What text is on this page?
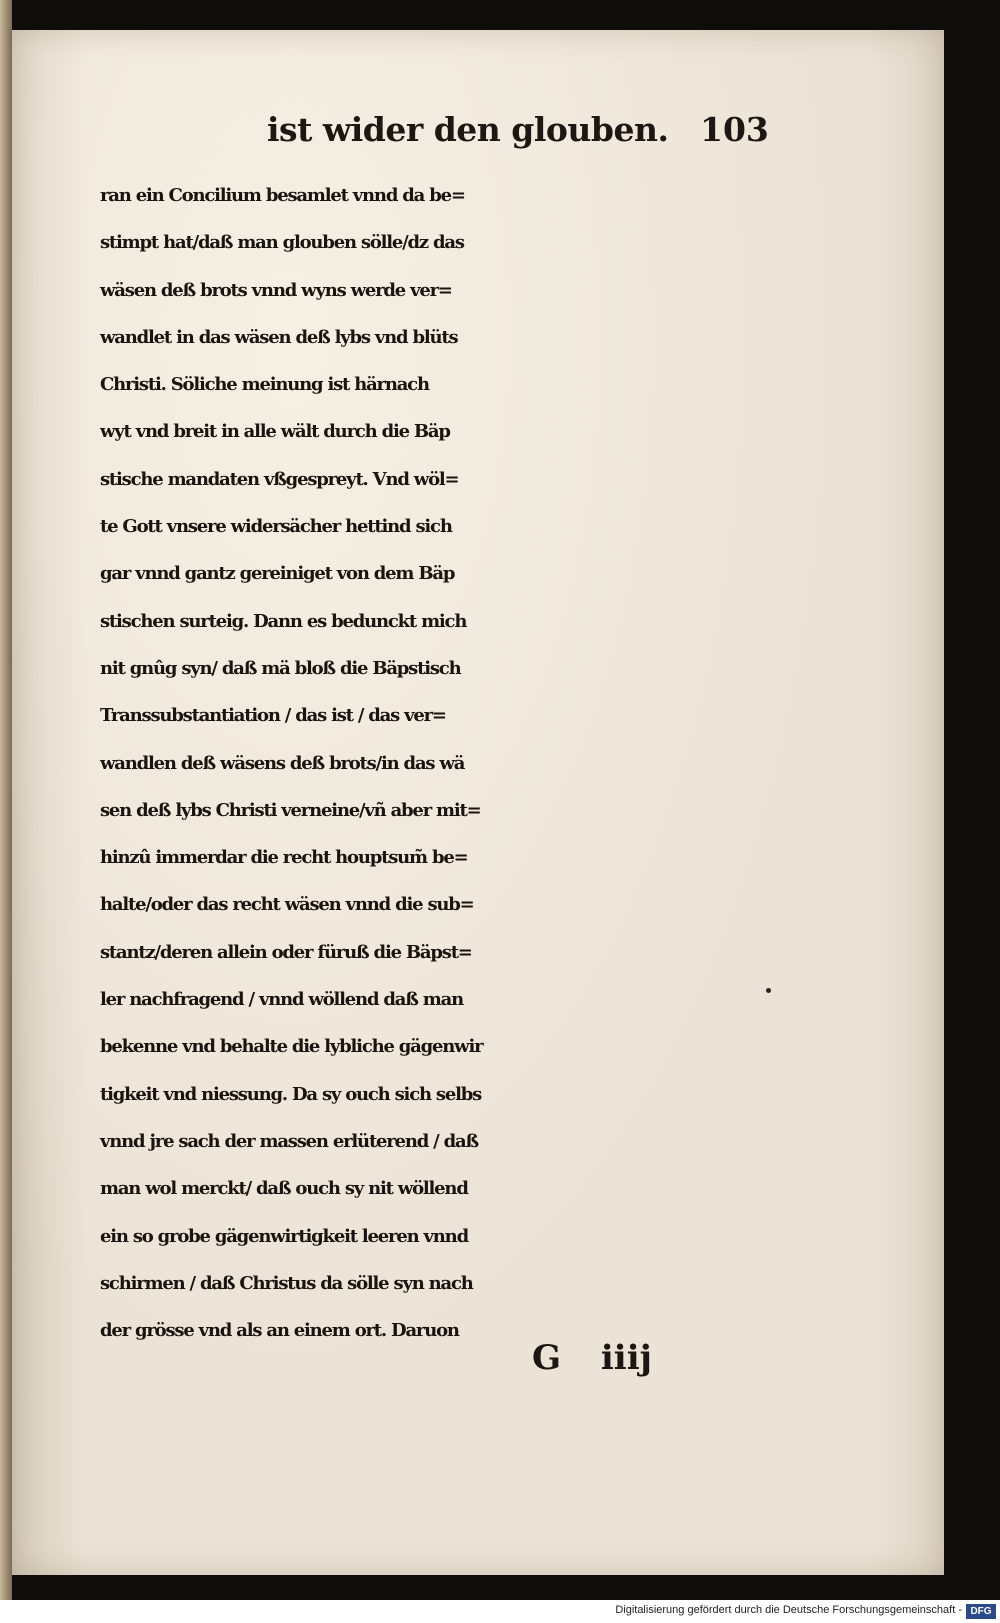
ist wider den glouben. 103
ran ein Concilium besamlet vnnd da be=
stimpt hat/daß man glouben sölle/dz das
wäsen deß brots vnnd wyns werde ver=
wandlet in das wäsen deß lybs vnd blüts
Christi. Söliche meinung ist härnach
wyt vnd breit in alle wält durch die Bäp
stische mandaten vßgespreyt. Vnd wöl=
te Gott vnsere widersächer hettind sich
gar vnnd gantz gereiniget von dem Bäp
stischen surteig. Dann es bedunckt mich
nit gnûg syn/ daß mä bloß die Bäpstisch
Transsubstantiation / das ist / das ver=
wandlen deß wäsens deß brots/in das wä
sen deß lybs Christi verneine/vñ aber mit=
hinzû immerdar die recht houptsum̃ be=
halte/oder das recht wäsen vnnd die sub=
stantz/deren allein oder füruß die Bäpst=
ler nachfragend / vnnd wöllend daß man
bekenne vnd behalte die lybliche gägenwir
tigkeit vnd niessung. Da sy ouch sich selbs
vnnd jre sach der massen erlüterend / daß
man wol merckt/ daß ouch sy nit wöllend
ein so grobe gägenwirtigkeit leeren vnnd
schirmen / daß Christus da sölle syn nach
der grösse vnd als an einem ort. Daruon
G iiij
Digitalisierung gefördert durch die Deutsche Forschungsgemeinschaft - DFG
